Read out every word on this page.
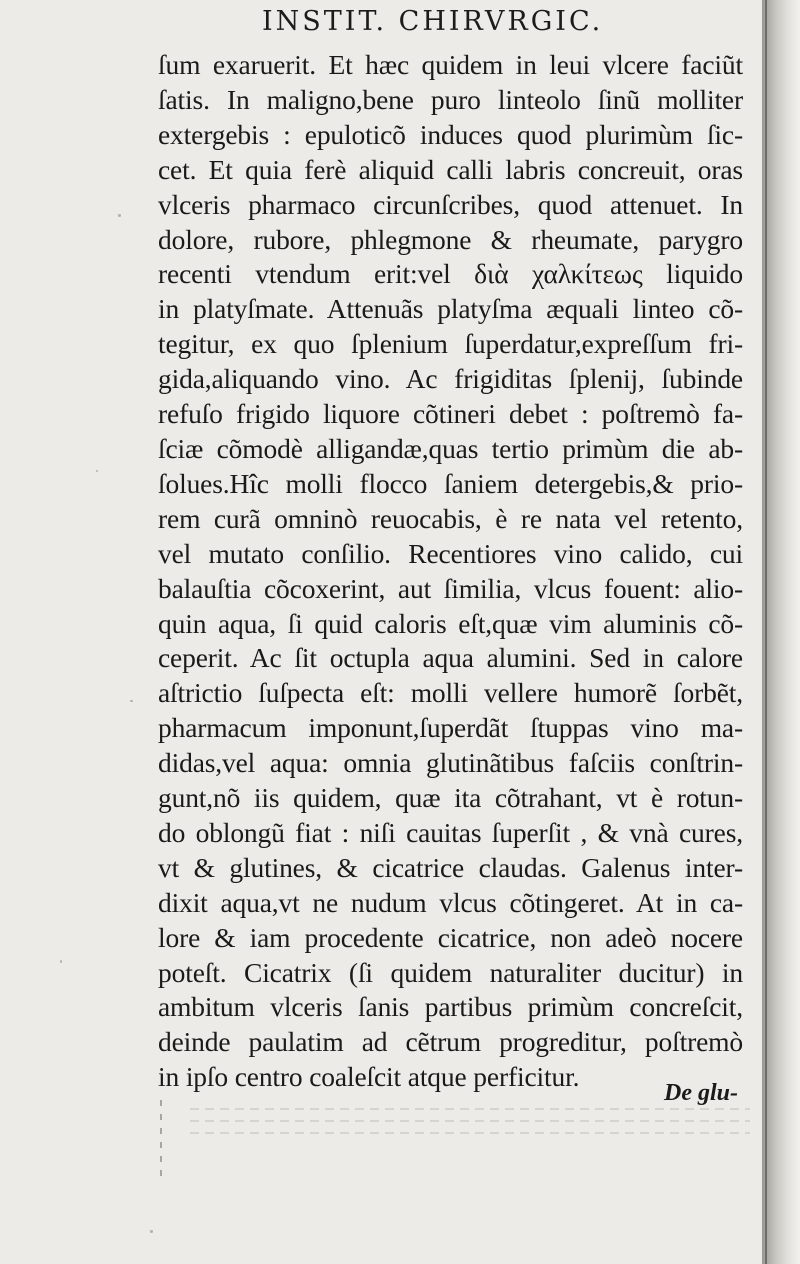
INSTIT. CHIRVRGIC.
ſum exaruerit. Et hæc quidem in leui vlcere faciũt
ſatis. In maligno,bene puro linteolo ſinũ molliter
extergebis : epuloticõ induces quod plurimùm ſic-
cet. Et quia ferè aliquid calli labris concreuit, oras
vlceris pharmaco circunſcribes, quod attenuet. In
dolore, rubore, phlegmone & rheumate, parygro
recenti vtendum erit:vel διὰ χαλκίτεως liquido
in platyſmate. Attenuãs platyſma æquali linteo cõ-
tegitur, ex quo ſplenium ſuperdatur,expreſſum fri-
gida,aliquando vino. Ac frigiditas ſplenij, ſubinde
refuſo frigido liquore cõtineri debet : poſtremò fa-
ſciæ cõmodè alligandæ,quas tertio primùm die ab-
ſolues.Hîc molli flocco ſaniem detergebis,& prio-
rem curã omninò reuocabis, è re nata vel retento,
vel mutato conſilio. Recentiores vino calido, cui
balauſtia cõcoxerint, aut ſimilia, vlcus fouent: alio-
quin aqua, ſi quid caloris eſt,quæ vim aluminis cõ-
ceperit. Ac ſit octupla aqua alumini. Sed in calore
aſtrictio ſuſpecta eſt: molli vellere humorẽ ſorbẽt,
pharmacum imponunt,ſuperdãt ſtuppas vino ma-
didas,vel aqua: omnia glutinãtibus faſciis conſtrin-
gunt,nõ iis quidem, quæ ita cõtrahant, vt è rotun-
do oblongũ fiat : niſi cauitas ſuperſit , & vnà cures,
vt & glutines, & cicatrice claudas. Galenus inter-
dixit aqua,vt ne nudum vlcus cõtingeret. At in ca-
lore & iam procedente cicatrice, non adeò nocere
poteſt. Cicatrix (ſi quidem naturaliter ducitur) in
ambitum vlceris ſanis partibus primùm concreſcit,
deinde paulatim ad cẽtrum progreditur, poſtremò
in ipſo centro coaleſcit atque perficitur.
De glu-
